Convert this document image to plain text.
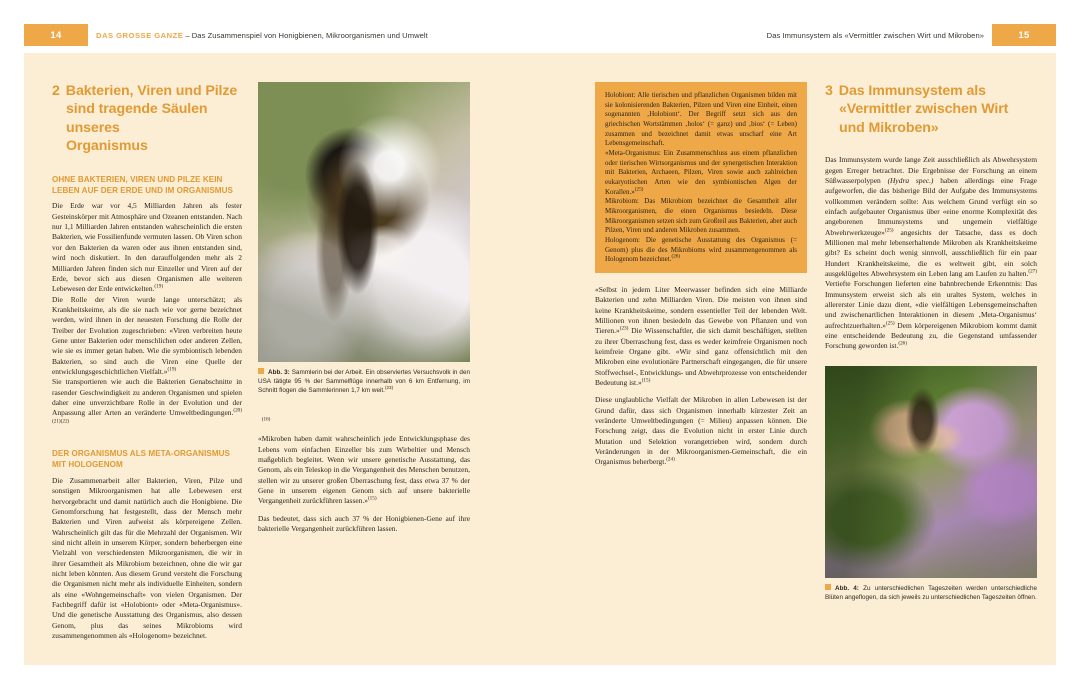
14	DAS GROSSE GANZE – Das Zusammenspiel von Honigbienen, Mikroorganismen und Umwelt
2 Bakterien, Viren und Pilze
sind tragende Säulen unseres
Organismus
OHNE BAKTERIEN, VIREN UND PILZE KEIN
LEBEN AUF DER ERDE UND IM ORGANISMUS

Die Erde war vor 4,5 Milliarden Jahren als fester Gesteinskörper mit Atmosphäre und Ozeanen entstanden. Nach nur 1,1 Milliarden Jahren entstanden wahrscheinlich die ersten Bakterien, wie Fossilienfunde vermuten lassen. Ob Viren schon vor den Bakterien da waren oder aus ihnen entstanden sind, wird noch diskutiert. In den darauffolgenden mehr als 2 Milliarden Jahren finden sich nur Einzeller und Viren auf der Erde, bevor sich aus diesen Organismen alle weiteren Lebewesen der Erde entwickelten.$^{(19)}$

Die Rolle der Viren wurde lange unterschätzt; als Krankheitskeime, als die sie nach wie vor gerne bezeichnet werden, wird ihnen in der neuesten Forschung die Rolle der Treiber der Evolution zugeschrieben: «Viren verbreiten heute Gene unter Bakterien oder menschlichen oder anderen Zellen, wie sie es immer getan haben. Wie die symbiontisch lebenden Bakterien, so sind auch die Viren eine Quelle der entwicklungsgeschichtlichen Vielfalt.»$^{(19)}$

Sie transportieren wie auch die Bakterien Genabschnitte in rasender Geschwindigkeit zu anderen Organismen und spielen daher eine unverzichtbare Rolle in der Evolution und der Anpassung aller Arten an veränderte Umweltbedingungen.$^{(20)(21)(22)}$

DER ORGANISMUS ALS META-ORGANISMUS
MIT HOLOGENOM

Die Zusammenarbeit aller Bakterien, Viren, Pilze und sonstigen Mikroorganismen hat alle Lebewesen erst hervorgebracht und damit natürlich auch die Honigbiene. Die Genomforschung hat festgestellt, dass der Mensch mehr Bakterien und Viren aufweist als körpereigene Zellen. Wahrscheinlich gilt das für die Mehrzahl der Organismen. Wir sind nicht allein in unserem Körper, sondern beherbergen eine Vielzahl von verschiedensten Mikroorganismen, die wir in ihrer Gesamtheit als Mikrobiom bezeichnen, ohne die wir gar nicht leben könnten. Aus diesem Grund versteht die Forschung die Organismen nicht mehr als individuelle Einheiten, sondern als eine «Wohngemeinschaft» von vielen Organismen. Der Fachbegriff dafür ist «Holobiont» oder «Meta-Organismus». Und die genetische Ausstattung des Organismus, also dessen Genom, plus das seines Mikrobioms wird zusammengenommen als «Hologenom» bezeichnet.

Abb. 3: Sammlerin bei der Arbeit. Ein observiertes Versuchsvolk in den USA tätigte 95 % der Sammelflüge innerhalb von 6 km Entfernung, im Schnitt flogen die Sammlerinnen 1,7 km weit.$^{(23)}$

$^{(16)}$

«Mikroben haben damit wahrscheinlich jede Entwicklungsphase des Lebens vom einfachen Einzeller bis zum Wirbeltier und Mensch maßgeblich begleitet. Wenn wir unsere genetische Ausstattung, das Genom, als ein Teleskop in die Vergangenheit des Menschen benutzen, stellen wir zu unserer großen Überraschung fest, dass etwa 37 % der Gene in unserem eigenen Genom sich auf unsere bakterielle Vergangenheit zurückführen lassen.»$^{(15)}$

Das bedeutet, dass sich auch 37 % der Honigbienen-Gene auf ihre bakterielle Vergangenheit zurückführen lassen.

15
Das Immunsystem als «Vermittler zwischen Wirt und Mikroben»

Holobiont: Alle tierischen und pflanzlichen Organismen bilden mit sie kolonisierenden Bakterien, Pilzen und Viren eine Einheit, einen sogenannten ‚Holobiont‘. Der Begriff setzt sich aus den griechischen Wortstämmen ‚holos‘ (= ganz) und ‚bios‘ (= Leben) zusammen und bezeichnet damit etwas unscharf eine Art Lebensgemeinschaft.

«Meta-Organismus: Ein Zusammenschluss aus einem pflanzlichen oder tierischen Wirtsorganismus und der synergetischen Interaktion mit Bakterien, Archaeen, Pilzen, Viren sowie auch zahlreichen eukaryotischen Arten wie den symbiontischen Algen der Korallen.»$^{(25)}$

Mikrobiom: Das Mikrobiom bezeichnet die Gesamtheit aller Mikroorganismen, die einen Organismus besiedeln. Diese Mikroorganismen setzen sich zum Großteil aus Bakterien, aber auch Pilzen, Viren und anderen Mikroben zusammen.

Hologenom: Die genetische Ausstattung des Organismus (= Genom) plus die des Mikrobioms wird zusammengenommen als Hologenom bezeichnet.$^{(26)}$

«Selbst in jedem Liter Meerwasser befinden sich eine Milliarde Bakterien und zehn Milliarden Viren. Die meisten von ihnen sind keine Krankheitskeime, sondern essentieller Teil der lebenden Welt. Millionen von ihnen besiedeln das Gewebe von Pflanzen und von Tieren.»$^{(23)}$ Die Wissenschaftler, die sich damit beschäftigen, stellten zu ihrer Überraschung fest, dass es weder keimfreie Organismen noch keimfreie Organe gibt. «Wir sind ganz offensichtlich mit den Mikroben eine evolutionäre Partnerschaft eingegangen, die für unsere Stoffwechsel-, Entwicklungs- und Abwehrprozesse von entscheidender Bedeutung ist.»$^{(15)}$

Diese unglaubliche Vielfalt der Mikroben in allen Lebewesen ist der Grund dafür, dass sich Organismen innerhalb kürzester Zeit an veränderte Umweltbedingungen (= Milieu) anpassen können. Die Forschung zeigt, dass die Evolution nicht in erster Linie durch Mutation und Selektion vorangetrieben wird, sondern durch Veränderungen in der Mikroorganismen-Gemeinschaft, die ein Organismus beherbergt.$^{(24)}$

3 Das Immunsystem als
«Vermittler zwischen Wirt
und Mikroben»

Das Immunsystem wurde lange Zeit ausschließlich als Abwehrsystem gegen Erreger betrachtet. Die Ergebnisse der Forschung an einem Süßwasserpolypen (Hydra spec.) haben allerdings eine Frage aufgeworfen, die das bisherige Bild der Aufgabe des Immunsystems vollkommen verändern sollte: Aus welchem Grund verfügt ein so einfach aufgebauter Organismus über «eine enorme Komplexität des angeborenen Immunsystems und ungemein vielfältige Abwehrwerkzeuge»$^{(25)}$ angesichts der Tatsache, dass es doch Millionen mal mehr lebenserhaltende Mikroben als Krankheitskeime gibt? Es scheint doch wenig sinnvoll, ausschließlich für ein paar Hundert Krankheitskeime, die es weltweit gibt, ein solch ausgeklügeltes Abwehrsystem ein Leben lang am Laufen zu halten.$^{(27)}$ Vertiefte Forschungen lieferten eine bahnbrechende Erkenntnis: Das Immunsystem erweist sich als ein uraltes System, welches in allererster Linie dazu dient, «die vielfältigen Lebensgemeinschaften und zwischenartlichen Interaktionen in diesem ‚Meta-Organismus‘ aufrechtzuerhalten.»$^{(25)}$ Dem körpereigenen Mikrobiom kommt damit eine entscheidende Bedeutung zu, die Gegenstand umfassender Forschung geworden ist.$^{(26)}$

Abb. 4: Zu unterschiedlichen Tageszeiten werden unterschiedliche Blüten angeflogen, da sich jeweils zu unterschiedlichen Tageszeiten öffnen.
